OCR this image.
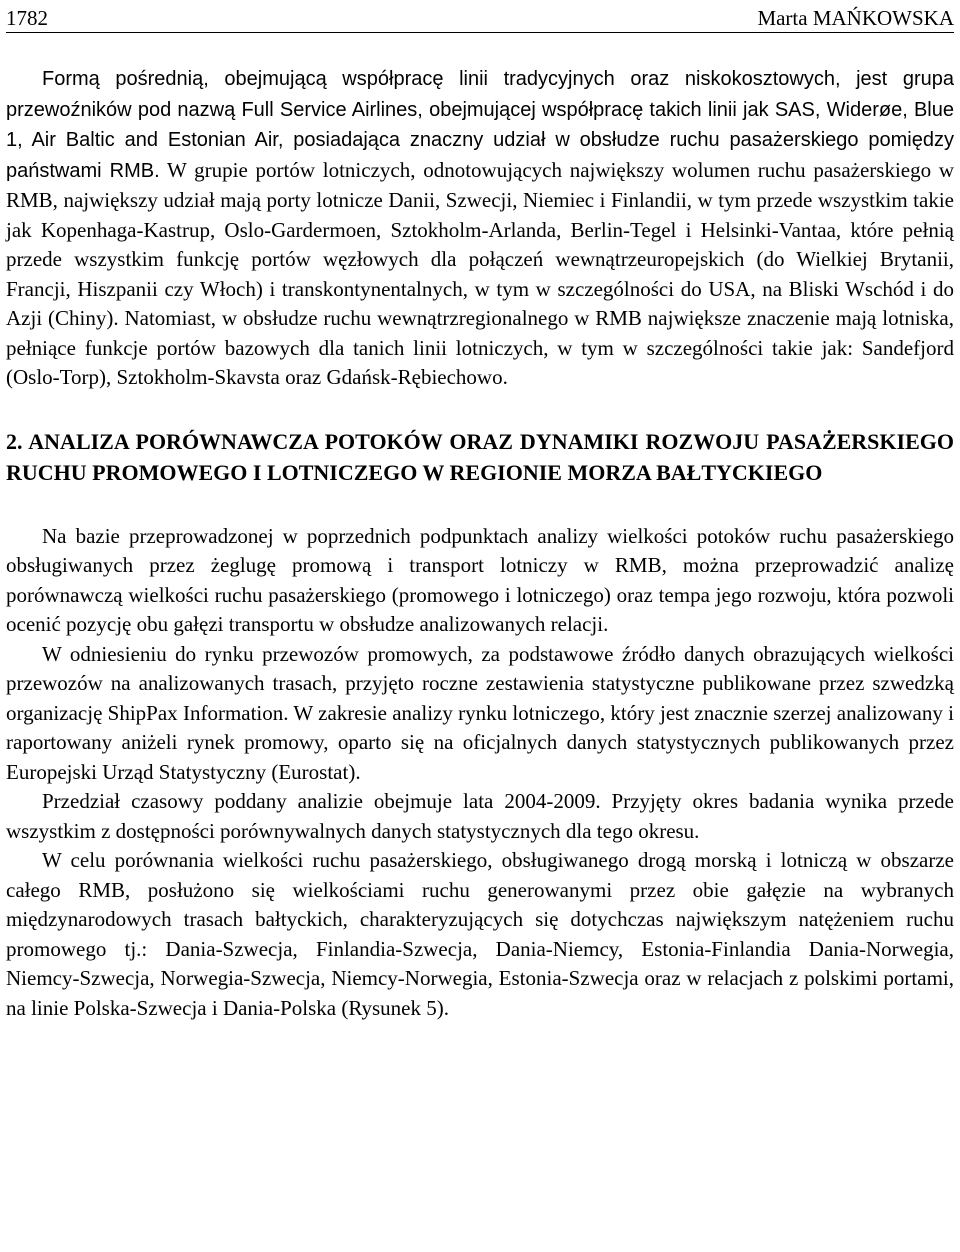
1782	Marta MAŃKOWSKA

Formą pośrednią, obejmującą współpracę linii tradycyjnych oraz niskokosztowych, jest grupa przewoźników pod nazwą Full Service Airlines, obejmującej współpracę takich linii jak SAS, Widerøe, Blue 1, Air Baltic and Estonian Air, posiadająca znaczny udział w obsłudze ruchu pasażerskiego pomiędzy państwami RMB. W grupie portów lotniczych, odnotowujących największy wolumen ruchu pasażerskiego w RMB, największy udział mają porty lotnicze Danii, Szwecji, Niemiec i Finlandii, w tym przede wszystkim takie jak Kopenhaga-Kastrup, Oslo-Gardermoen, Sztokholm-Arlanda, Berlin-Tegel i Helsinki-Vantaa, które pełnią przede wszystkim funkcję portów węzłowych dla połączeń wewnątrzeuropejskich (do Wielkiej Brytanii, Francji, Hiszpanii czy Włoch) i transkontynentalnych, w tym w szczególności do USA, na Bliski Wschód i do Azji (Chiny). Natomiast, w obsłudze ruchu wewnątrzregionalnego w RMB największe znaczenie mają lotniska, pełniące funkcje portów bazowych dla tanich linii lotniczych, w tym w szczególności takie jak: Sandefjord (Oslo-Torp), Sztokholm-Skavsta oraz Gdańsk-Rębiechowo.

2. ANALIZA PORÓWNAWCZA POTOKÓW ORAZ DYNAMIKI ROZWOJU PASAŻERSKIEGO RUCHU PROMOWEGO I LOTNICZEGO W REGIONIE MORZA BAŁTYCKIEGO

Na bazie przeprowadzonej w poprzednich podpunktach analizy wielkości potoków ruchu pasażerskiego obsługiwanych przez żeglugę promową i transport lotniczy w RMB, można przeprowadzić analizę porównawczą wielkości ruchu pasażerskiego (promowego i lotniczego) oraz tempa jego rozwoju, która pozwoli ocenić pozycję obu gałęzi transportu w obsłudze analizowanych relacji.

W odniesieniu do rynku przewozów promowych, za podstawowe źródło danych obrazujących wielkości przewozów na analizowanych trasach, przyjęto roczne zestawienia statystyczne publikowane przez szwedzką organizację ShipPax Information. W zakresie analizy rynku lotniczego, który jest znacznie szerzej analizowany i raportowany aniżeli rynek promowy, oparto się na oficjalnych danych statystycznych publikowanych przez Europejski Urząd Statystyczny (Eurostat).

Przedział czasowy poddany analizie obejmuje lata 2004-2009. Przyjęty okres badania wynika przede wszystkim z dostępności porównywalnych danych statystycznych dla tego okresu.

W celu porównania wielkości ruchu pasażerskiego, obsługiwanego drogą morską i lotniczą w obszarze całego RMB, posłużono się wielkościami ruchu generowanymi przez obie gałęzie na wybranych międzynarodowych trasach bałtyckich, charakteryzujących się dotychczas największym natężeniem ruchu promowego tj.: Dania-Szwecja, Finlandia-Szwecja, Dania-Niemcy, Estonia-Finlandia Dania-Norwegia, Niemcy-Szwecja, Norwegia-Szwecja, Niemcy-Norwegia, Estonia-Szwecja oraz w relacjach z polskimi portami, na linie Polska-Szwecja i Dania-Polska (Rysunek 5).
